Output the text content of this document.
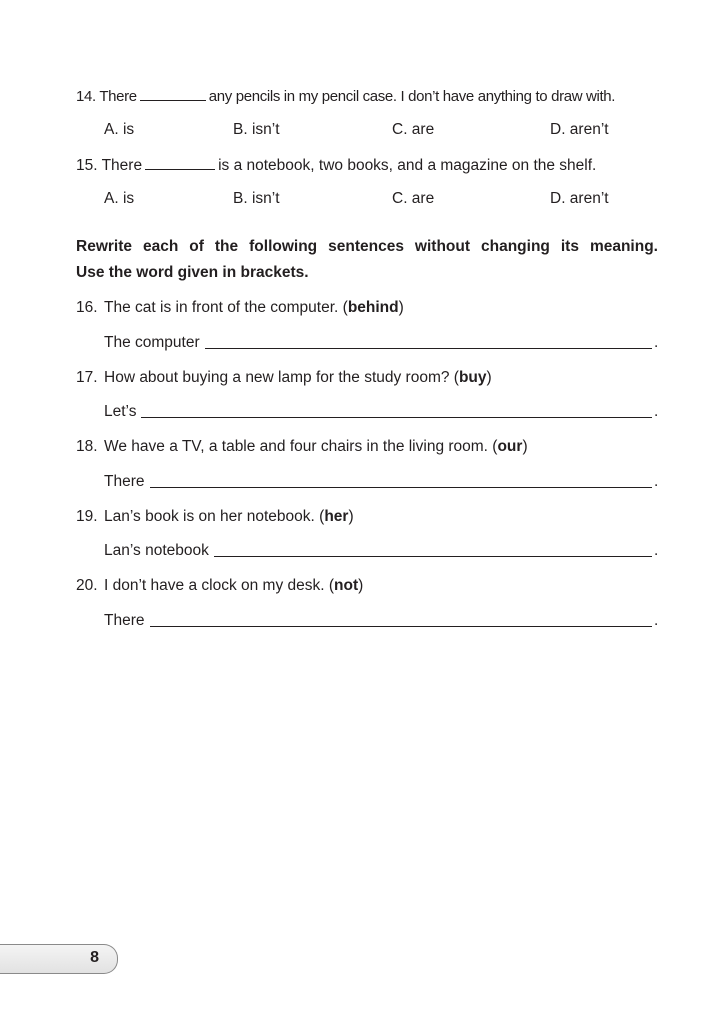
14. There	any pencils in my pencil case. I don’t have anything to draw with.
A. is	B. isn’t	C. are	D. aren’t
15. There	is a notebook, two books, and a magazine on the shelf.
A. is	B. isn’t	C. are	D. aren’t
Rewrite each of the following sentences without changing its meaning.
Use the word given in brackets.
16. The cat is in front of the computer. (behind)
The computer	.
17. How about buying a new lamp for the study room? (buy)
Let’s	.
18. We have a TV, a table and four chairs in the living room. (our)
There	.
19. Lan’s book is on her notebook. (her)
Lan’s notebook	.
20. I don’t have a clock on my desk. (not)
There	.
8
